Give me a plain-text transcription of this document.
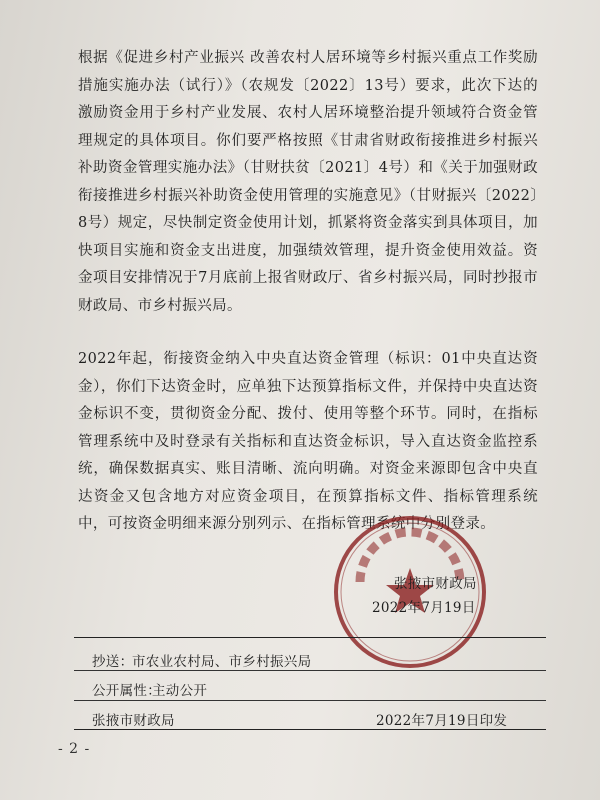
根据《促进乡村产业振兴 改善农村人居环境等乡村振兴重点工作奖励措施实施办法（试行）》（农规发〔2022〕13号）要求，此次下达的激励资金用于乡村产业发展、农村人居环境整治提升领域符合资金管理规定的具体项目。你们要严格按照《甘肃省财政衔接推进乡村振兴补助资金管理实施办法》（甘财扶贫〔2021〕4号）和《关于加强财政衔接推进乡村振兴补助资金使用管理的实施意见》（甘财振兴〔2022〕8号）规定，尽快制定资金使用计划，抓紧将资金落实到具体项目，加快项目实施和资金支出进度，加强绩效管理，提升资金使用效益。资金项目安排情况于7月底前上报省财政厅、省乡村振兴局，同时抄报市财政局、市乡村振兴局。
2022年起，衔接资金纳入中央直达资金管理（标识：01中央直达资金），你们下达资金时，应单独下达预算指标文件，并保持中央直达资金标识不变，贯彻资金分配、拨付、使用等整个环节。同时，在指标管理系统中及时登录有关指标和直达资金标识，导入直达资金监控系统，确保数据真实、账目清晰、流向明确。对资金来源即包含中央直达资金又包含地方对应资金项目，在预算指标文件、指标管理系统中，可按资金明细来源分别列示、在指标管理系统中分别登录。
张掖市财政局
2022年7月19日
抄送：
市农业农村局、市乡村振兴局
公开属性：
主动公开
张掖市财政局	2022年7月19日印发
- 2 -
